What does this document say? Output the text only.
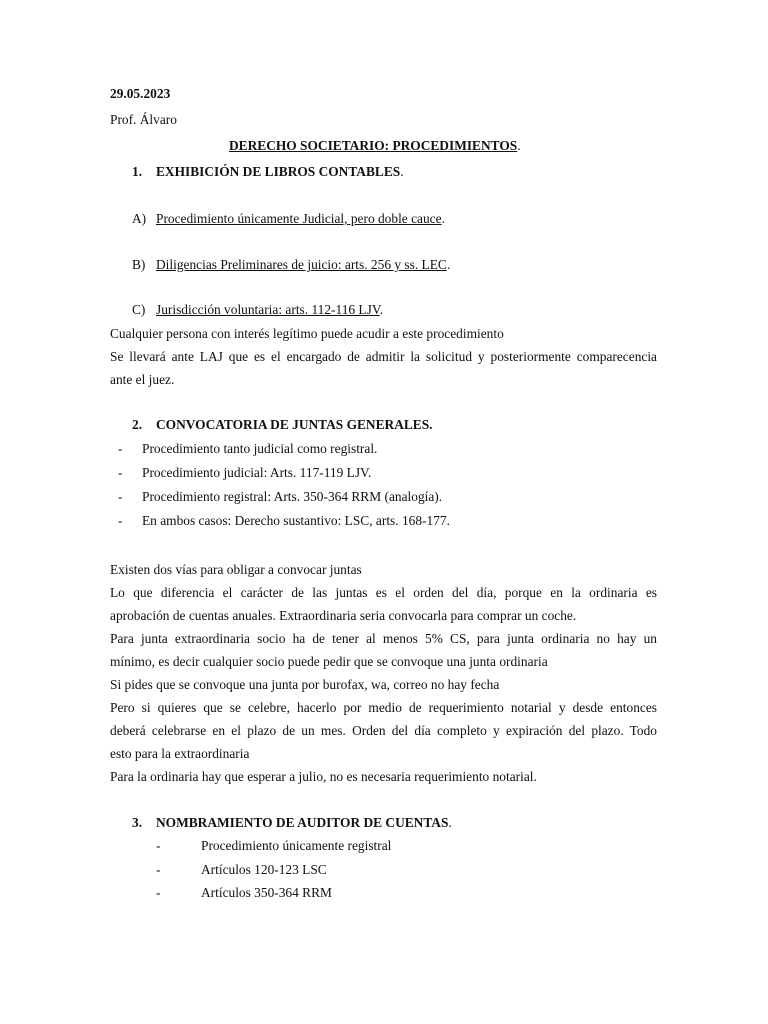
29.05.2023
Prof. Álvaro
DERECHO SOCIETARIO: PROCEDIMIENTOS.
1. EXHIBICIÓN DE LIBROS CONTABLES.
A) Procedimiento únicamente Judicial, pero doble cauce.
B) Diligencias Preliminares de juicio: arts. 256 y ss. LEC.
C) Jurisdicción voluntaria: arts. 112-116 LJV.
Cualquier persona con interés legítimo puede acudir a este procedimiento
Se llevará ante LAJ que es el encargado de admitir la solicitud y posteriormente comparecencia
ante el juez.
2. CONVOCATORIA DE JUNTAS GENERALES.
- Procedimiento tanto judicial como registral.
- Procedimiento judicial: Arts. 117-119 LJV.
- Procedimiento registral: Arts. 350-364 RRM (analogía).
- En ambos casos: Derecho sustantivo: LSC, arts. 168-177.
Existen dos vías para obligar a convocar juntas
Lo que diferencia el carácter de las juntas es el orden del día, porque en la ordinaria es
aprobación de cuentas anuales. Extraordinaria seria convocarla para comprar un coche.
Para junta extraordinaria socio ha de tener al menos 5% CS, para junta ordinaria no hay un
mínimo, es decir cualquier socio puede pedir que se convoque una junta ordinaria
Si pides que se convoque una junta por burofax, wa, correo no hay fecha
Pero si quieres que se celebre, hacerlo por medio de requerimiento notarial y desde entonces
deberá celebrarse en el plazo de un mes. Orden del día completo y expiración del plazo. Todo
esto para la extraordinaria
Para la ordinaria hay que esperar a julio, no es necesaria requerimiento notarial.
3. NOMBRAMIENTO DE AUDITOR DE CUENTAS.
-	Procedimiento únicamente registral
-	Artículos 120-123 LSC
-	Artículos 350-364 RRM
